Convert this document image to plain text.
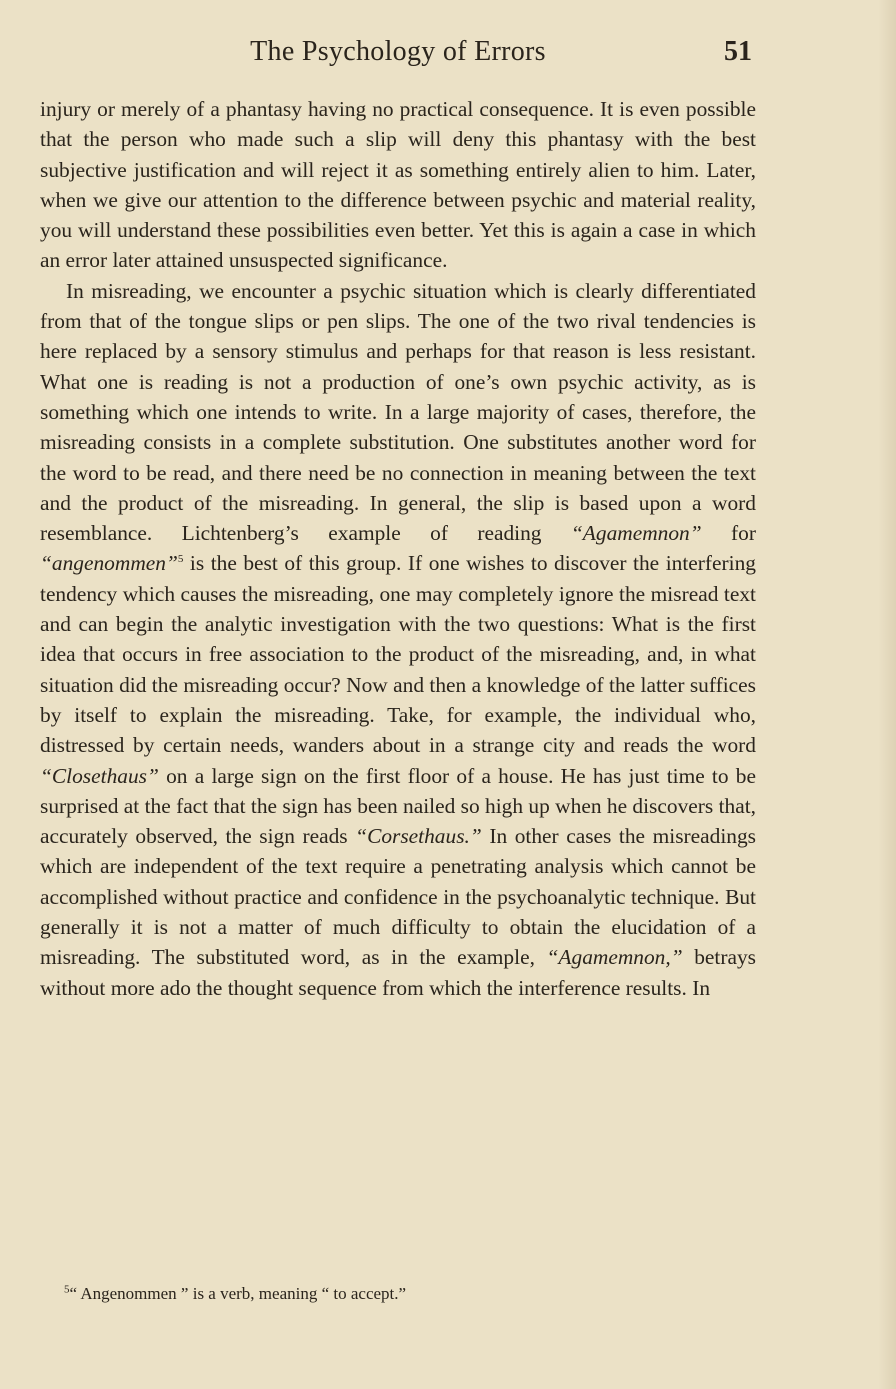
The Psychology of Errors	51

injury or merely of a phantasy having no practical consequence. It is even possible that the person who made such a slip will deny this phantasy with the best subjective justification and will reject it as something entirely alien to him. Later, when we give our attention to the difference between psychic and material reality, you will understand these possibilities even better. Yet this is again a case in which an error later attained unsuspected significance.

In misreading, we encounter a psychic situation which is clearly differentiated from that of the tongue slips or pen slips. The one of the two rival tendencies is here replaced by a sensory stimulus and perhaps for that reason is less resistant. What one is reading is not a production of one’s own psychic activity, as is something which one intends to write. In a large majority of cases, therefore, the misreading consists in a complete substitution. One substitutes another word for the word to be read, and there need be no connection in meaning between the text and the product of the misreading. In general, the slip is based upon a word resemblance. Lichtenberg’s example of reading “Agamemnon” for “angenommen”$^5$ is the best of this group. If one wishes to discover the interfering tendency which causes the misreading, one may completely ignore the misread text and can begin the analytic investigation with the two questions: What is the first idea that occurs in free association to the product of the misreading, and, in what situation did the misreading occur? Now and then a knowledge of the latter suffices by itself to explain the misreading. Take, for example, the individual who, distressed by certain needs, wanders about in a strange city and reads the word “Closethaus” on a large sign on the first floor of a house. He has just time to be surprised at the fact that the sign has been nailed so high up when he discovers that, accurately observed, the sign reads “Corsethaus.” In other cases the misreadings which are independent of the text require a penetrating analysis which cannot be accomplished without practice and confidence in the psychoanalytic technique. But generally it is not a matter of much difficulty to obtain the elucidation of a misreading. The substituted word, as in the example, “Agamemnon,” betrays without more ado the thought sequence from which the interference results. In

$^5$“ Angenommen ” is a verb, meaning “ to accept.”
